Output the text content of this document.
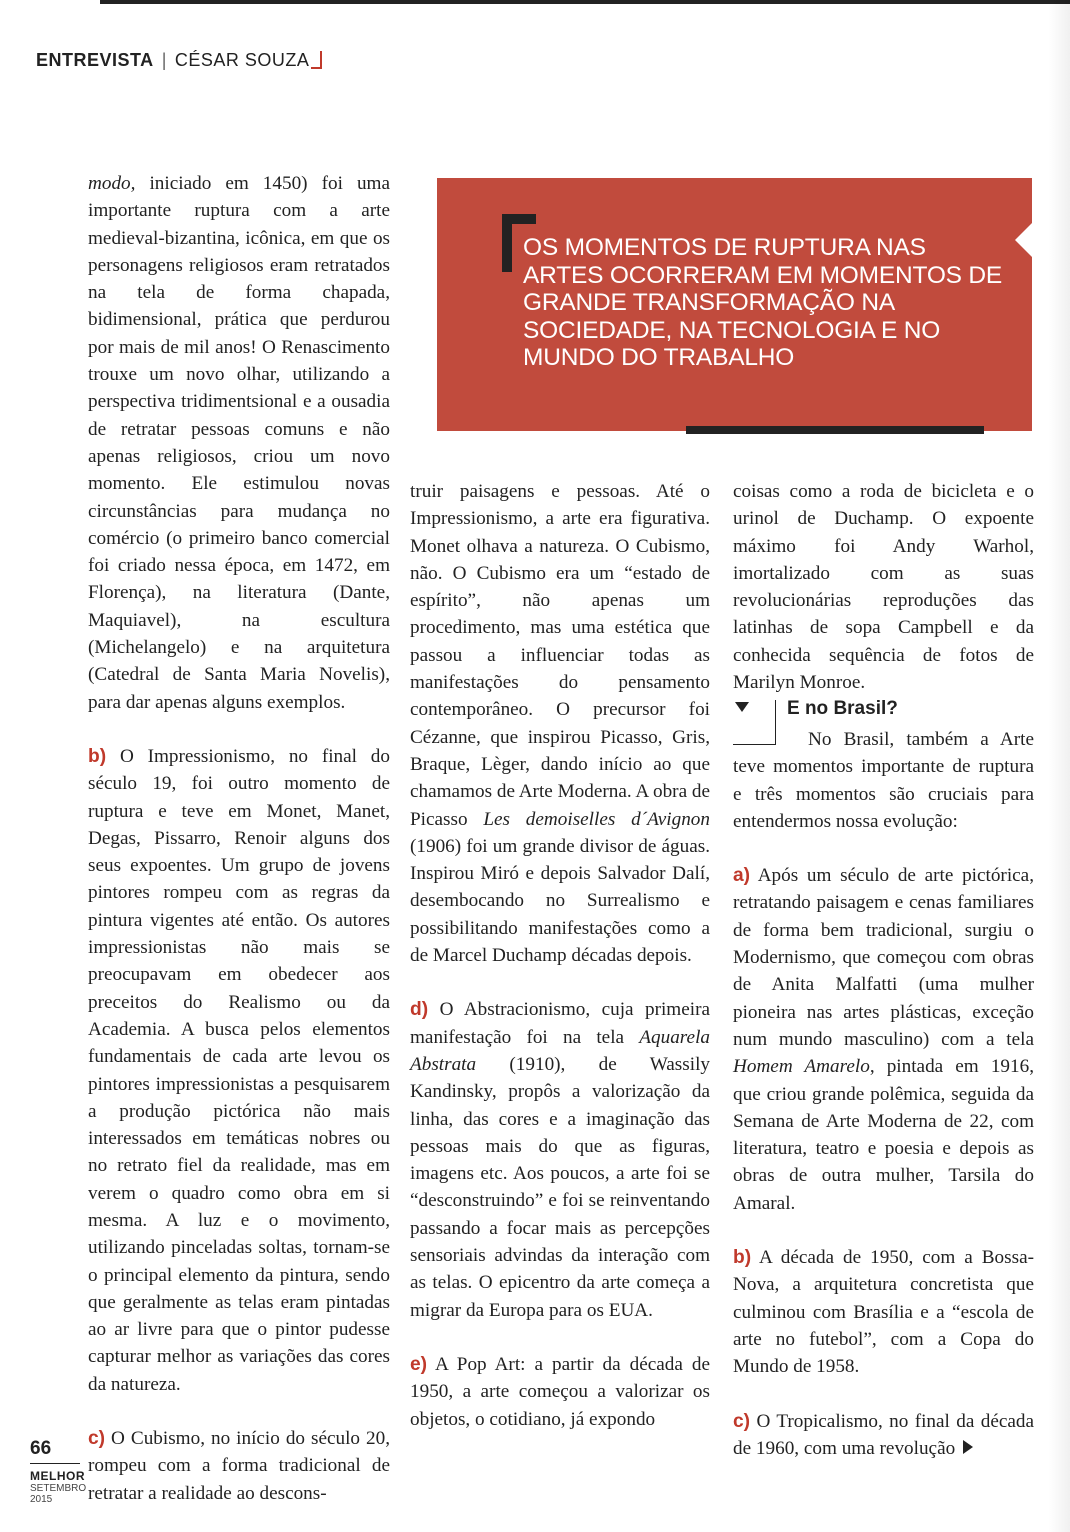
ENTREVISTA | CÉSAR SOUZA

modo, iniciado em 1450) foi uma importante ruptura com a arte medieval-bizantina, icônica, em que os personagens religiosos eram retratados na tela de forma chapada, bidimensional, prática que perdurou por mais de mil anos! O Renascimento trouxe um novo olhar, utilizando a perspectiva tridimentsional e a ousadia de retratar pessoas comuns e não apenas religiosos, criou um novo momento. Ele estimulou novas circunstâncias para mudança no comércio (o primeiro banco comercial foi criado nessa época, em 1472, em Florença), na literatura (Dante, Maquiavel), na escultura (Michelangelo) e na arquitetura (Catedral de Santa Maria Novelis), para dar apenas alguns exemplos.

b) O Impressionismo, no final do século 19, foi outro momento de ruptura e teve em Monet, Manet, Degas, Pissarro, Renoir alguns dos seus expoentes. Um grupo de jovens pintores rompeu com as regras da pintura vigentes até então. Os autores impressionistas não mais se preocupavam em obedecer aos preceitos do Realismo ou da Academia. A busca pelos elementos fundamentais de cada arte levou os pintores impressionistas a pesquisarem a produção pictórica não mais interessados em temáticas nobres ou no retrato fiel da realidade, mas em verem o quadro como obra em si mesma. A luz e o movimento, utilizando pinceladas soltas, tornam-se o principal elemento da pintura, sendo que geralmente as telas eram pintadas ao ar livre para que o pintor pudesse capturar melhor as variações das cores da natureza.

c) O Cubismo, no início do século 20, rompeu com a forma tradicional de retratar a realidade ao descons-

OS MOMENTOS DE RUPTURA NAS ARTES OCORRERAM EM MOMENTOS DE GRANDE TRANSFORMAÇÃO NA SOCIEDADE, NA TECNOLOGIA E NO MUNDO DO TRABALHO

truir paisagens e pessoas. Até o Impressionismo, a arte era figurativa. Monet olhava a natureza. O Cubismo, não. O Cubismo era um “estado de espírito”, não apenas um procedimento, mas uma estética que passou a influenciar todas as manifestações do pensamento contemporâneo. O precursor foi Cézanne, que inspirou Picasso, Gris, Braque, Lèger, dando início ao que chamamos de Arte Moderna. A obra de Picasso Les demoiselles d´Avignon (1906) foi um grande divisor de águas. Inspirou Miró e depois Salvador Dalí, desembocando no Surrealismo e possibilitando manifestações como a de Marcel Duchamp décadas depois.

d) O Abstracionismo, cuja primeira manifestação foi na tela Aquarela Abstrata (1910), de Wassily Kandinsky, propôs a valorização da linha, das cores e a imaginação das pessoas mais do que as figuras, imagens etc. Aos poucos, a arte foi se “desconstruindo” e foi se reinventando passando a focar mais as percepções sensoriais advindas da interação com as telas. O epicentro da arte começa a migrar da Europa para os EUA.

e) A Pop Art: a partir da década de 1950, a arte começou a valorizar os objetos, o cotidiano, já expondo

coisas como a roda de bicicleta e o urinol de Duchamp. O expoente máximo foi Andy Warhol, imortalizado com as suas revolucionárias reproduções das latinhas de sopa Campbell e da conhecida sequência de fotos de Marilyn Monroe.

E no Brasil?

No Brasil, também a Arte teve momentos importante de ruptura e três momentos são cruciais para entendermos nossa evolução:

a) Após um século de arte pictórica, retratando paisagem e cenas familiares de forma bem tradicional, surgiu o Modernismo, que começou com obras de Anita Malfatti (uma mulher pioneira nas artes plásticas, exceção num mundo masculino) com a tela Homem Amarelo, pintada em 1916, que criou grande polêmica, seguida da Semana de Arte Moderna de 22, com literatura, teatro e poesia e depois as obras de outra mulher, Tarsila do Amaral.

b) A década de 1950, com a Bossa-Nova, a arquitetura concretista que culminou com Brasília e a “escola de arte no futebol”, com a Copa do Mundo de 1958.

c) O Tropicalismo, no final da década de 1960, com uma revolução

66
MELHOR
SETEMBRO
2015
